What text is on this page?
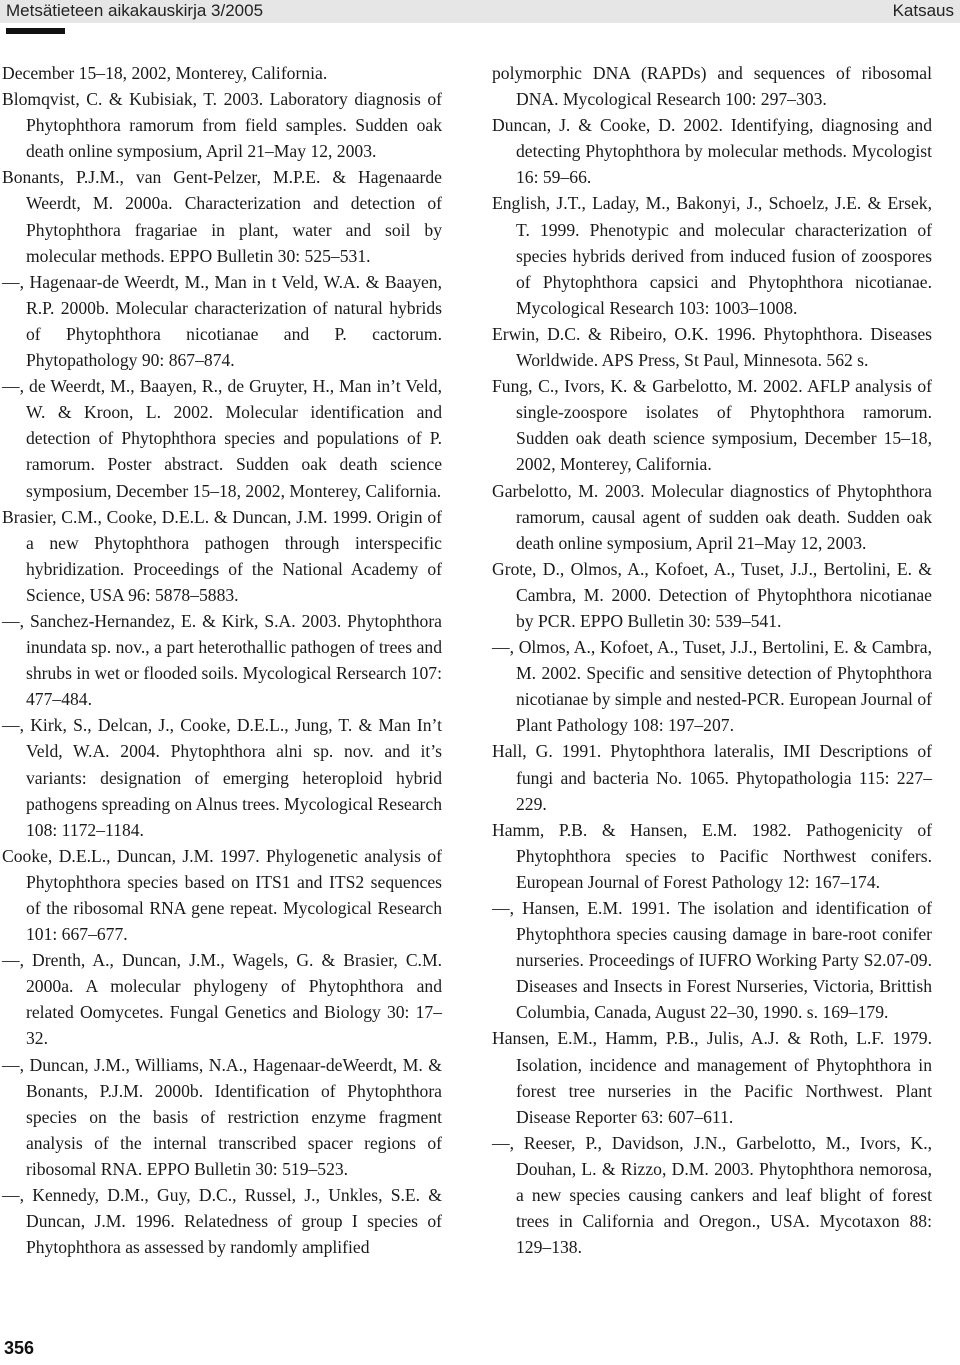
Metsätieteen aikakauskirja 3/2005	Katsaus

December 15–18, 2002, Monterey, California.

Blomqvist, C. & Kubisiak, T. 2003. Laboratory diagnosis of Phytophthora ramorum from field samples. Sudden oak death online symposium, April 21–May 12, 2003.

Bonants, P.J.M., van Gent-Pelzer, M.P.E. & Hagenaarde Weerdt, M. 2000a. Characterization and detection of Phytophthora fragariae in plant, water and soil by molecular methods. EPPO Bulletin 30: 525–531.

—, Hagenaar-de Weerdt, M., Man in t Veld, W.A. & Baayen, R.P. 2000b. Molecular characterization of natural hybrids of Phytophthora nicotianae and P. cactorum. Phytopathology 90: 867–874.

—, de Weerdt, M., Baayen, R., de Gruyter, H., Man in’t Veld, W. & Kroon, L. 2002. Molecular identification and detection of Phytophthora species and populations of P. ramorum. Poster abstract. Sudden oak death science symposium, December 15–18, 2002, Monterey, California.

Brasier, C.M., Cooke, D.E.L. & Duncan, J.M. 1999. Origin of a new Phytophthora pathogen through interspecific hybridization. Proceedings of the National Academy of Science, USA 96: 5878–5883.

—, Sanchez-Hernandez, E. & Kirk, S.A. 2003. Phytophthora inundata sp. nov., a part heterothallic pathogen of trees and shrubs in wet or flooded soils. Mycological Rersearch 107: 477–484.

—, Kirk, S., Delcan, J., Cooke, D.E.L., Jung, T. & Man In’t Veld, W.A. 2004. Phytophthora alni sp. nov. and it’s variants: designation of emerging heteroploid hybrid pathogens spreading on Alnus trees. Mycological Research 108: 1172–1184.

Cooke, D.E.L., Duncan, J.M. 1997. Phylogenetic analysis of Phytophthora species based on ITS1 and ITS2 sequences of the ribosomal RNA gene repeat. Mycological Research 101: 667–677.

—, Drenth, A., Duncan, J.M., Wagels, G. & Brasier, C.M. 2000a. A molecular phylogeny of Phytophthora and related Oomycetes. Fungal Genetics and Biology 30: 17–32.

—, Duncan, J.M., Williams, N.A., Hagenaar-deWeerdt, M. & Bonants, P.J.M. 2000b. Identification of Phytophthora species on the basis of restriction enzyme fragment analysis of the internal transcribed spacer regions of ribosomal RNA. EPPO Bulletin 30: 519–523.

—, Kennedy, D.M., Guy, D.C., Russel, J., Unkles, S.E. & Duncan, J.M. 1996. Relatedness of group I species of Phytophthora as assessed by randomly amplified

polymorphic DNA (RAPDs) and sequences of ribosomal DNA. Mycological Research 100: 297–303.

Duncan, J. & Cooke, D. 2002. Identifying, diagnosing and detecting Phytophthora by molecular methods. Mycologist 16: 59–66.

English, J.T., Laday, M., Bakonyi, J., Schoelz, J.E. & Ersek, T. 1999. Phenotypic and molecular characterization of species hybrids derived from induced fusion of zoospores of Phytophthora capsici and Phytophthora nicotianae. Mycological Research 103: 1003–1008.

Erwin, D.C. & Ribeiro, O.K. 1996. Phytophthora. Diseases Worldwide. APS Press, St Paul, Minnesota. 562 s.

Fung, C., Ivors, K. & Garbelotto, M. 2002. AFLP analysis of single-zoospore isolates of Phytophthora ramorum. Sudden oak death science symposium, December 15–18, 2002, Monterey, California.

Garbelotto, M. 2003. Molecular diagnostics of Phytophthora ramorum, causal agent of sudden oak death. Sudden oak death online symposium, April 21–May 12, 2003.

Grote, D., Olmos, A., Kofoet, A., Tuset, J.J., Bertolini, E. & Cambra, M. 2000. Detection of Phytophthora nicotianae by PCR. EPPO Bulletin 30: 539–541.

—, Olmos, A., Kofoet, A., Tuset, J.J., Bertolini, E. & Cambra, M. 2002. Specific and sensitive detection of Phytophthora nicotianae by simple and nested-PCR. European Journal of Plant Pathology 108: 197–207.

Hall, G. 1991. Phytophthora lateralis, IMI Descriptions of fungi and bacteria No. 1065. Phytopathologia 115: 227–229.

Hamm, P.B. & Hansen, E.M. 1982. Pathogenicity of Phytophthora species to Pacific Northwest conifers. European Journal of Forest Pathology 12: 167–174.

—, Hansen, E.M. 1991. The isolation and identification of Phytophthora species causing damage in bare-root conifer nurseries. Proceedings of IUFRO Working Party S2.07-09. Diseases and Insects in Forest Nurseries, Victoria, Brittish Columbia, Canada, August 22–30, 1990. s. 169–179.

Hansen, E.M., Hamm, P.B., Julis, A.J. & Roth, L.F. 1979. Isolation, incidence and management of Phytophthora in forest tree nurseries in the Pacific Northwest. Plant Disease Reporter 63: 607–611.

—, Reeser, P., Davidson, J.N., Garbelotto, M., Ivors, K., Douhan, L. & Rizzo, D.M. 2003. Phytophthora nemorosa, a new species causing cankers and leaf blight of forest trees in California and Oregon., USA. Mycotaxon 88: 129–138.

356
